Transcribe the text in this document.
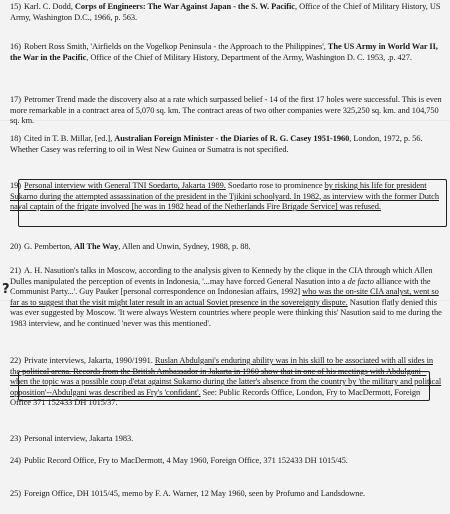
15) Karl. C. Dodd, Corps of Engineers: The War Against Japan - the S. W. Pacific, Office of the Chief of Military History, US Army, Washington D.C., 1966, p. 563.
16) Robert Ross Smith, 'Airfields on the Vogelkop Peninsula - the Approach to the Philippines', The US Army in World War II, the War in the Pacific, Office of the Chief of Military History, Department of the Army, Washington D. C. 1953, .p. 427.
17) Petromer Trend made the discovery also at a rate which surpassed belief - 14 of the first 17 holes were successful. This is even more remarkable in a contract area of 5,070 sq. km. The contract areas of two other companies were 325,250 sq. km. and 104,750 sq. km.
18) Cited in T. B. Millar, [ed.], Australian Foreign Minister - the Diaries of R. G. Casey 1951-1960, London, 1972, p. 56. Whether Casey was referring to oil in West New Guinea or Sumatra is not specified.
19) Personal interview with General TNI Soedarto, Jakarta 1989. Soedarto rose to prominence by risking his life for president Sukarno during the attempted assassination of the president in the Tjikini schoolyard. In 1982, as interview with the former Dutch naval captain of the frigate involved [he was in 1982 head of the Netherlands Fire Brigade Service] was refused.
20) G. Pemberton, All The Way, Allen and Unwin, Sydney, 1988, p. 88.
21) A. H. Nasution's talks in Moscow, according to the analysis given to Kennedy by the clique in the CIA through which Allen Dulles manipulated the perception of events in Indonesia, '...may have forced General Nasution into a de facto alliance with the Communist Party...'. Guy Pauker [personal correspondence on Indonesian affairs, 1992] who was the on-site CIA analyst, went so far as to suggest that the visit might later result in an actual Soviet presence in the sovereignty dispute. Nasution flatly denied this was ever suggested by Moscow. 'It were always Western countries where people were thinking this' Nasution said to me during the 1983 interview, and he continued 'never was this mentioned'.
22) Private interviews, Jakarta, 1990/1991. Ruslan Abdulgani's enduring ability was in his skill to be associated with all sides in the political arena. Records from the British Ambassador in Jakarta in 1960 show that in one of his meetings with Abdulgani--when the topic was a possible coup d'etat against Sukarno during the latter's absence from the country by 'the military and political opposition'--Abdulgani was described as Fry's 'confidant'. See: Public Records Office, London, Fry to MacDermott, Foreign Office 371 152433 DH 1015/37.
23) Personal interview, Jakarta 1983.
24) Public Record Office, Fry to MacDermott, 4 May 1960, Foreign Office, 371 152433 DH 1015/45.
25) Foreign Office, DH 1015/45, memo by F. A. Warner, 12 May 1960, seen by Profumo and Landsdowne.
?
